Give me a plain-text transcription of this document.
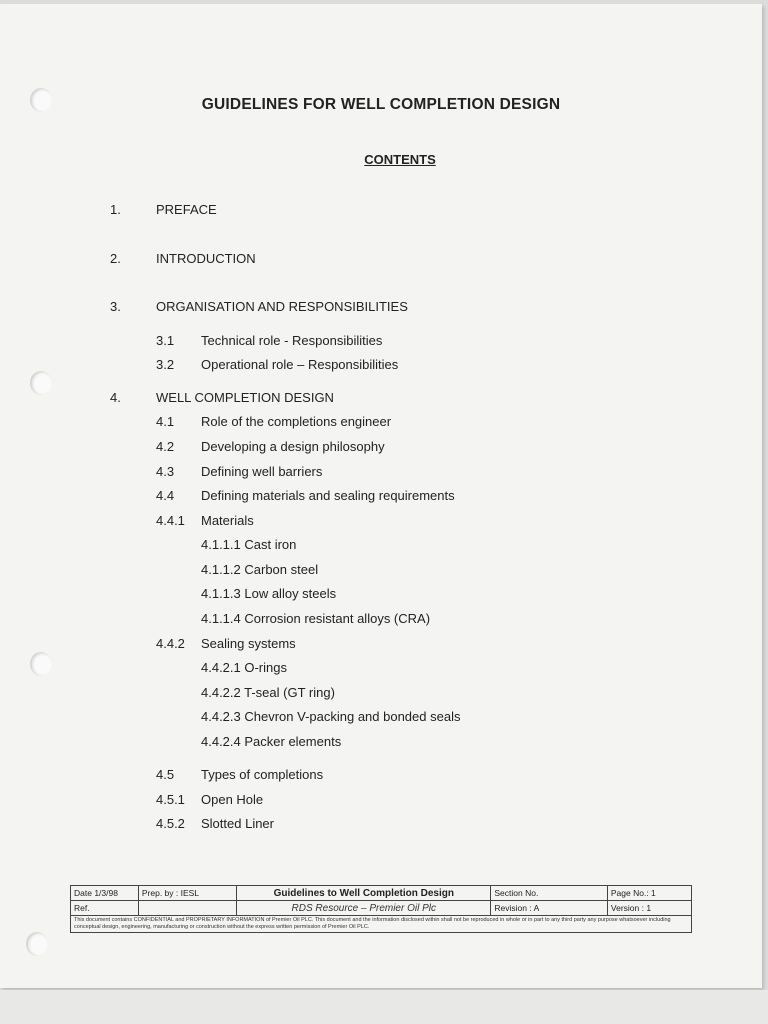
GUIDELINES FOR WELL COMPLETION DESIGN
CONTENTS
1.	PREFACE
2.	INTRODUCTION
3.	ORGANISATION AND RESPONSIBILITIES
3.1 Technical role - Responsibilities
3.2 Operational role – Responsibilities
4.	WELL COMPLETION DESIGN
4.1 Role of the completions engineer
4.2 Developing a design philosophy
4.3 Defining well barriers
4.4 Defining materials and sealing requirements
4.4.1 Materials
4.1.1.1 Cast iron
4.1.1.2 Carbon steel
4.1.1.3 Low alloy steels
4.1.1.4 Corrosion resistant alloys (CRA)
4.4.2 Sealing systems
4.4.2.1 O-rings
4.4.2.2 T-seal (GT ring)
4.4.2.3 Chevron V-packing and bonded seals
4.4.2.4 Packer elements
4.5 Types of completions
4.5.1 Open Hole
4.5.2 Slotted Liner
Date 1/3/98	Prep. by : IESL	Guidelines to Well Completion Design	Section No.	Page No.: 1
Ref.		RDS Resource – Premier Oil Plc	Revision : A	Version : 1
This document contains CONFIDENTIAL and PROPRIETARY INFORMATION of Premier Oil PLC. This document and the information disclosed within shall not be reproduced in whole or in part to any third party any purpose whatsoever including conceptual design, engineering, manufacturing or construction without the express written permission of Premier Oil PLC.				
